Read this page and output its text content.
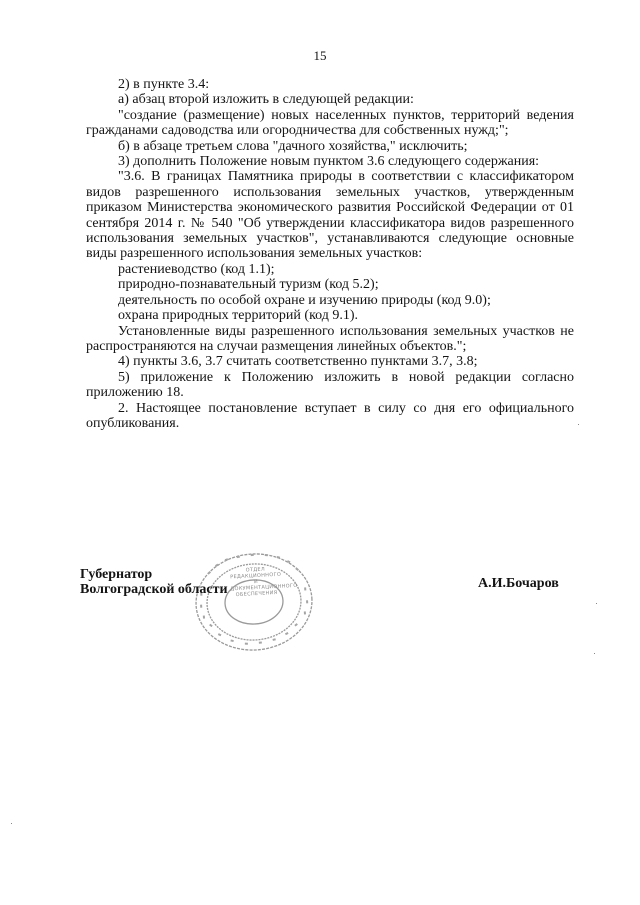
15

2) в пункте 3.4:

а) абзац второй изложить в следующей редакции:

"создание (размещение) новых населенных пунктов, территорий ведения гражданами садоводства или огородничества для собственных нужд;";

б) в абзаце третьем слова "дачного хозяйства," исключить;

3) дополнить Положение новым пунктом 3.6 следующего содержания:

"3.6. В границах Памятника природы в соответствии с классификатором видов разрешенного использования земельных участков, утвержденным приказом Министерства экономического развития Российской Федерации от 01 сентября 2014 г. № 540 "Об утверждении классификатора видов разрешенного использования земельных участков", устанавливаются следующие основные виды разрешенного использования земельных участков:

растениеводство (код 1.1);

природно-познавательный туризм (код 5.2);

деятельность по особой охране и изучению природы (код 9.0);

охрана природных территорий (код 9.1).

Установленные виды разрешенного использования земельных участков не распространяются на случаи размещения линейных объектов.";

4) пункты 3.6, 3.7 считать соответственно пунктами 3.7, 3.8;

5) приложение к Положению изложить в новой редакции согласно приложению 18.

2. Настоящее постановление вступает в силу со дня его официального опубликования.

ОТДЕЛ РЕДАКЦИОННОГО И ДОКУМЕНТАЦИОННОГО ОБЕСПЕЧЕНИЯ
Губернатор
Волгоградской области	А.И.Бочаров
